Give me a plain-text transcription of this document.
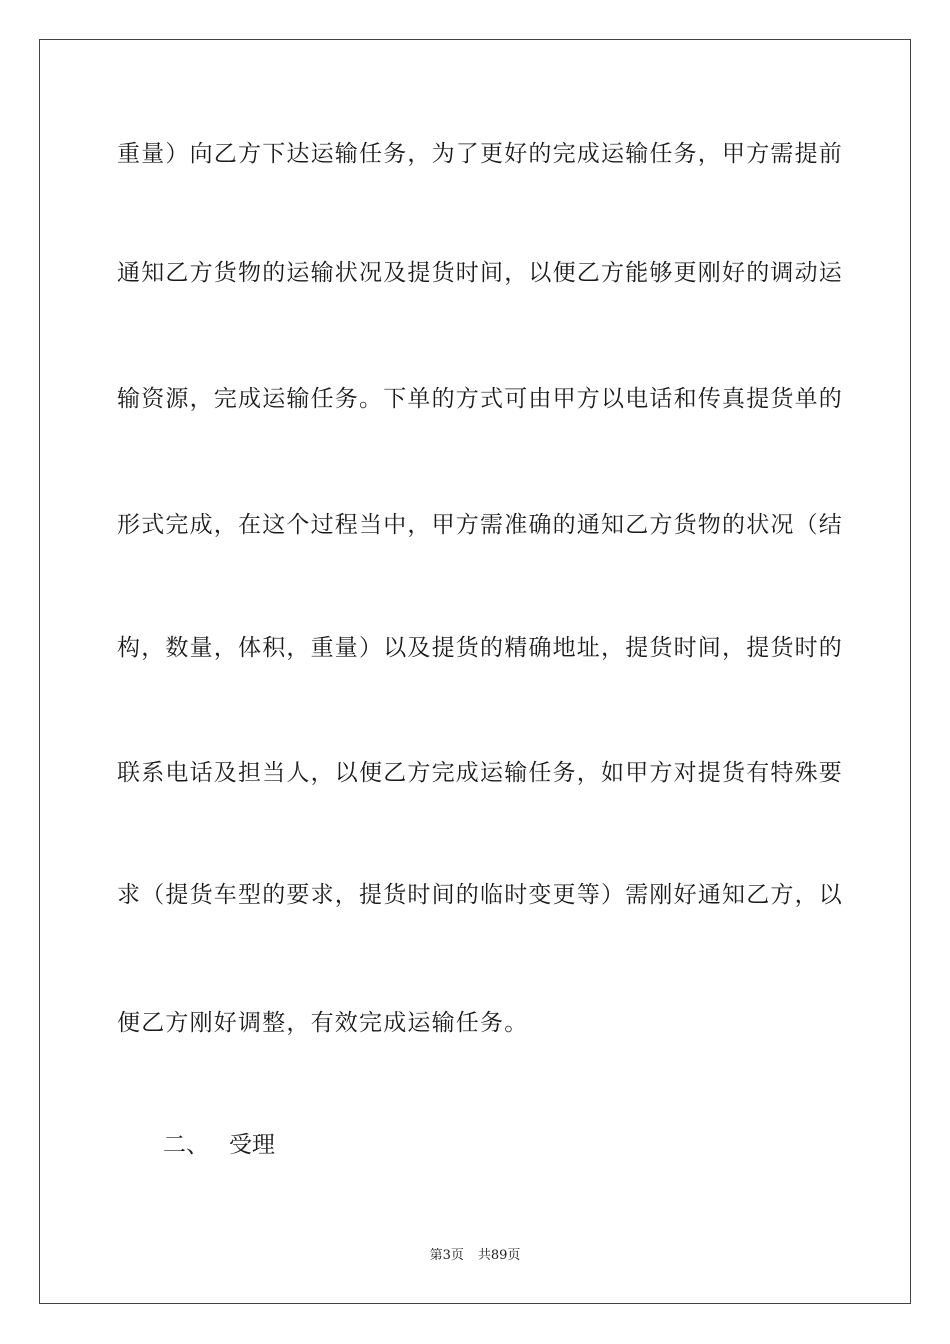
重量）向乙方下达运输任务，为了更好的完成运输任务，甲方需提前
通知乙方货物的运输状况及提货时间，以便乙方能够更刚好的调动运
输资源，完成运输任务。下单的方式可由甲方以电话和传真提货单的
形式完成，在这个过程当中，甲方需准确的通知乙方货物的状况（结
构，数量，体积，重量）以及提货的精确地址，提货时间，提货时的
联系电话及担当人，以便乙方完成运输任务，如甲方对提货有特殊要
求（提货车型的要求，提货时间的临时变更等）需刚好通知乙方，以
便乙方刚好调整，有效完成运输任务。
二、 受理
第3页 共89页
